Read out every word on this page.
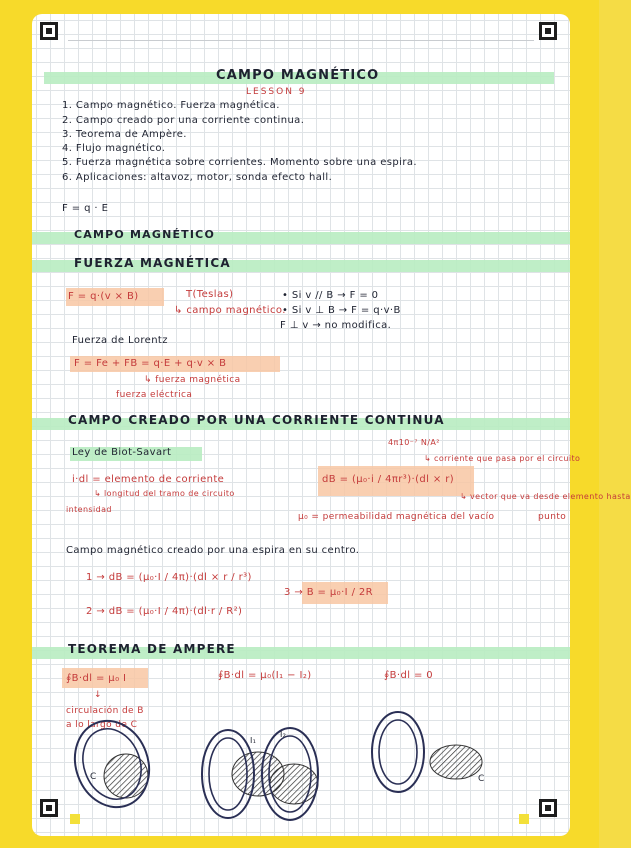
CAMPO MAGNÉTICO
LESSON 9
1. Campo magnético. Fuerza magnética.
2. Campo creado por una corriente continua.
3. Teorema de Ampère.
4. Flujo magnético.
5. Fuerza magnética sobre corrientes. Momento sobre una espira.
6. Aplicaciones: altavoz, motor, sonda efecto hall.
F = q · E
CAMPO MAGNÉTICO
FUERZA MAGNÉTICA
F = q·(v × B)	T(Teslas)
↳ campo magnético.
• Si v // B → F = 0
• Si v ⊥ B → F = q·v·B
F ⊥ v → no modifica.
Fuerza de Lorentz
F = Fe + FB = q·E + q·v × B
↳ fuerza magnética
fuerza eléctrica
CAMPO CREADO POR UNA CORRIENTE CONTINUA
Ley de Biot-Savart
4π10⁻⁷ N/A²
↳ corriente que pasa por el circuito
i·dl = elemento de corriente
↳ longitud del tramo de circuito
intensidad
dB = (μ₀·i / 4πr³)·(dl × r)
↳ vector que va desde elemento hasta
μ₀ = permeabilidad magnética del vacío	punto
Campo magnético creado por una espira en su centro.
1 → dB = (μ₀·I / 4π)·(dl × r / r³)
2 → dB = (μ₀·I / 4π)·(dl·r / R²)
3 → B = μ₀·I / 2R
TEOREMA DE AMPERE
∮B·dl = μ₀ I	∮B·dl = μ₀(I₁ − I₂)	∮B·dl = 0
↓
circulación de B
a lo largo de C
C
I₁
I₂
C
